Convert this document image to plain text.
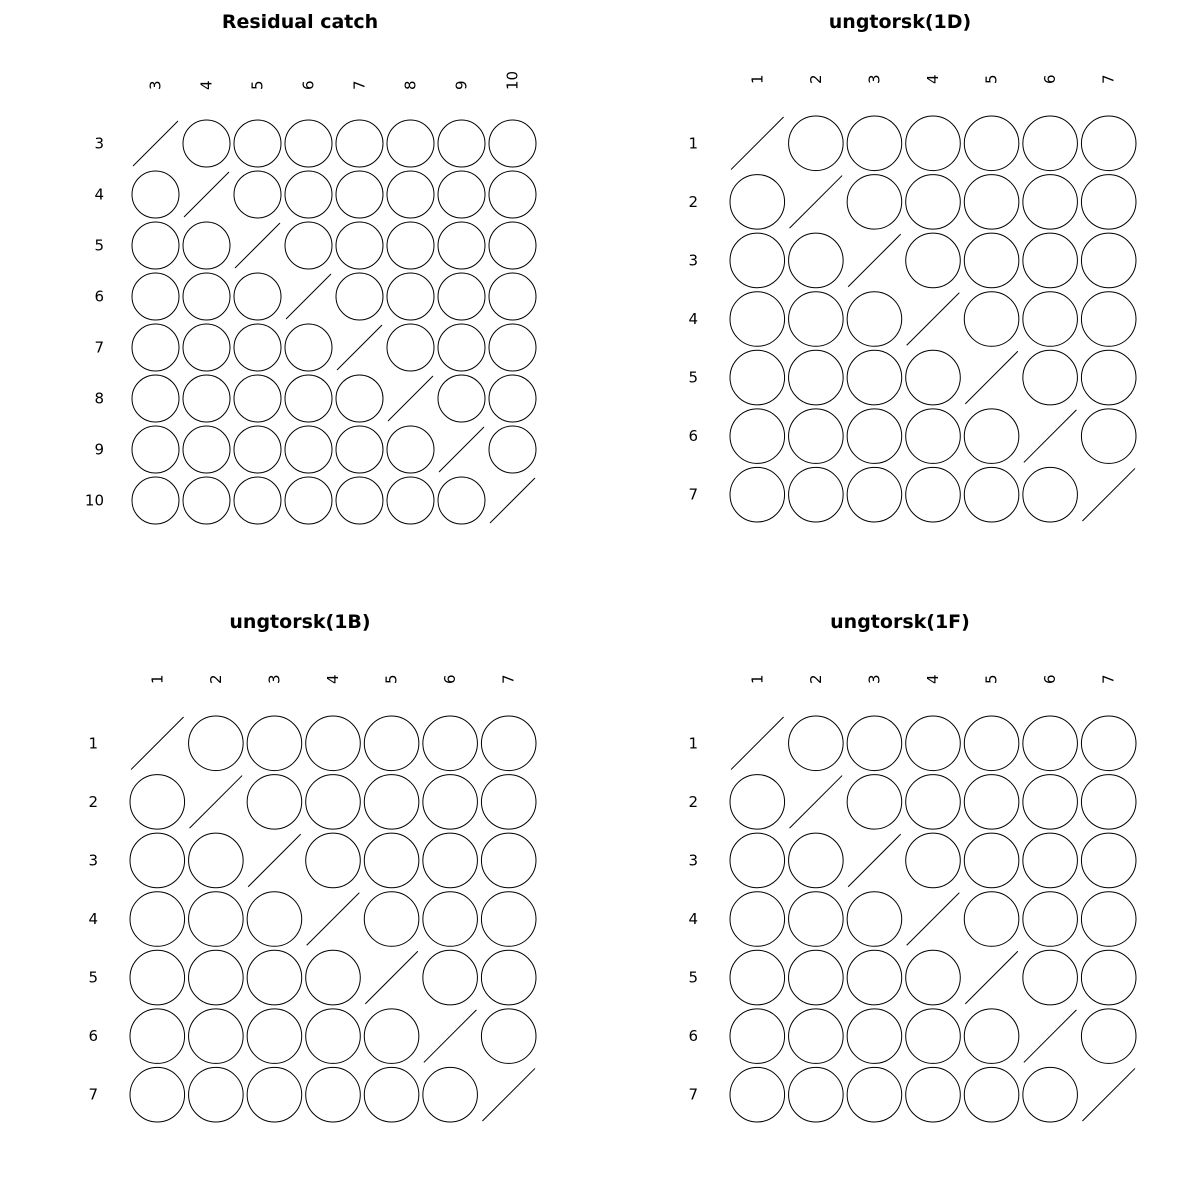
Residual catch
3 4 5 6 7 8 9 10
3
4
5
6
7
8
9
10
ungtorsk(1D)
1	2	3	4	5	6	7
1
2
3
4
5
6
7
ungtorsk(1B)
1	2	3	4	5	6	7
1
2
3
4
5
6
7
ungtorsk(1F)
1	2	3	4	5	6	7
1
2
3
4
5
6
7
